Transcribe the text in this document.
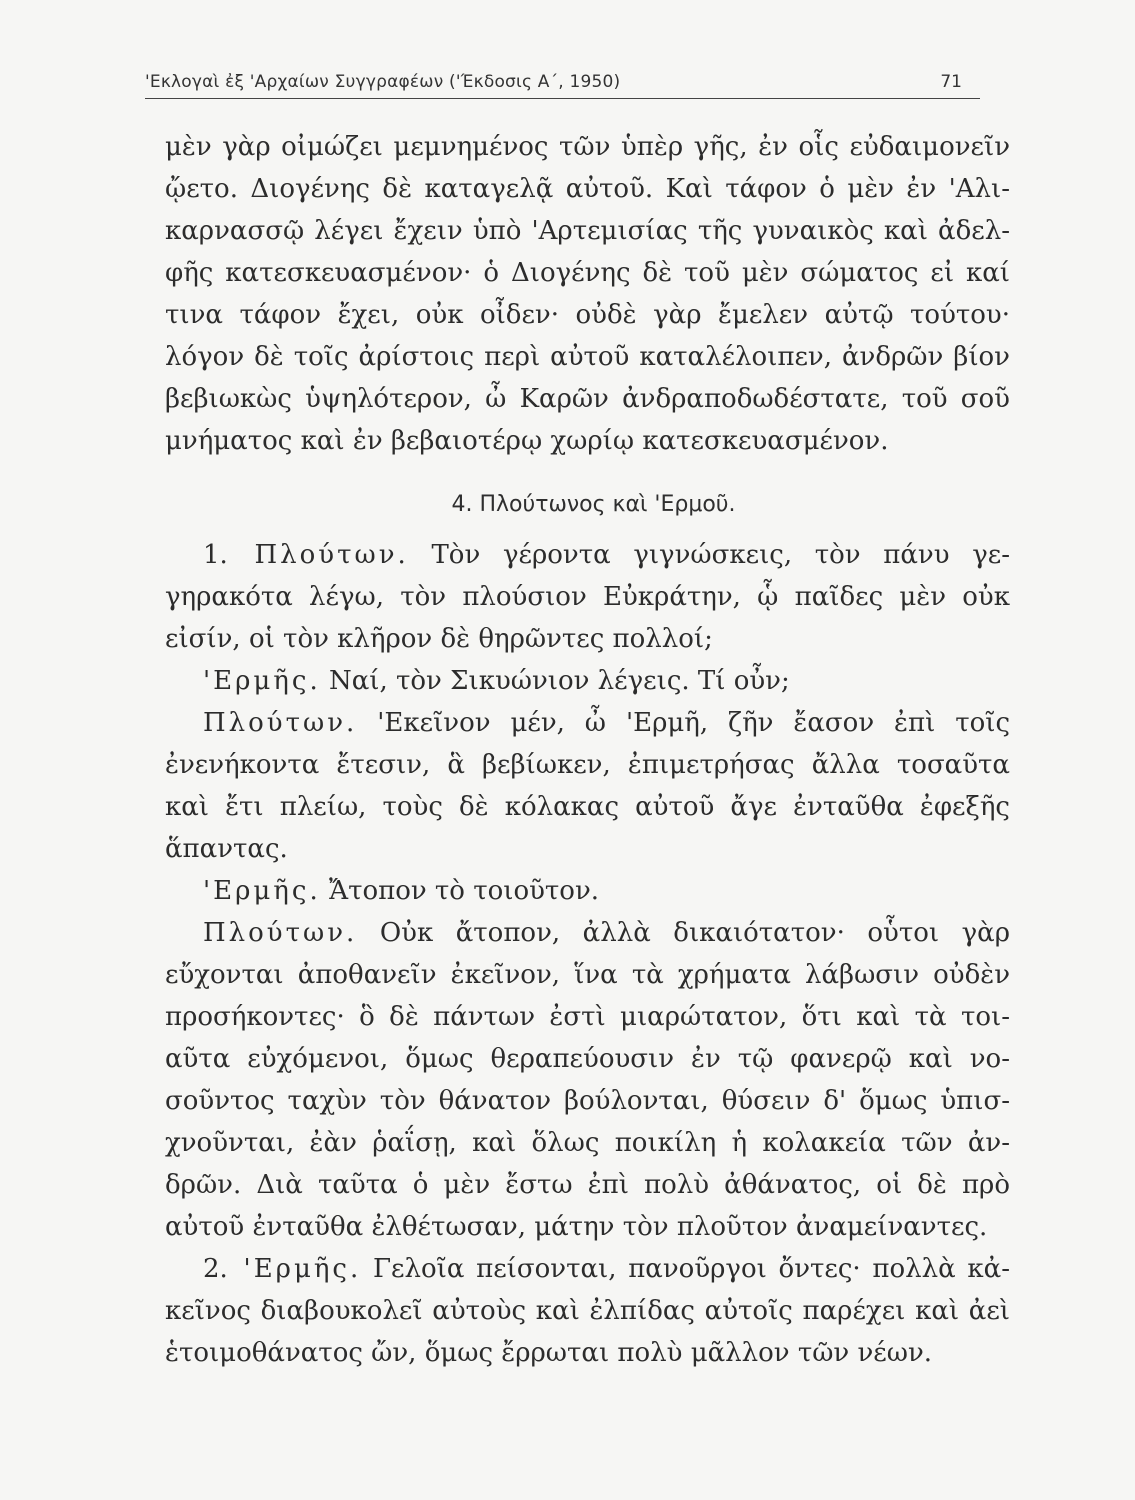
'Εκλογαὶ ἐξ 'Αρχαίων Συγγραφέων ('Έκδοσις Α΄, 1950)	71
μὲν γὰρ οἰμώζει μεμνημένος τῶν ὑπὲρ γῆς, ἐν οἷς εὐδαιμονεῖν
ᾤετο. Διογένης δὲ καταγελᾷ αὐτοῦ. Καὶ τάφον ὁ μὲν ἐν 'Αλι-
καρνασσῷ λέγει ἔχειν ὑπὸ 'Αρτεμισίας τῆς γυναικὸς καὶ ἀδελ-
φῆς κατεσκευασμένον· ὁ Διογένης δὲ τοῦ μὲν σώματος εἰ καί
τινα τάφον ἔχει, οὐκ οἶδεν· οὐδὲ γὰρ ἔμελεν αὐτῷ τούτου·
λόγον δὲ τοῖς ἀρίστοις περὶ αὐτοῦ καταλέλοιπεν, ἀνδρῶν βίον
βεβιωκὼς ὑψηλότερον, ὦ Καρῶν ἀνδραποδωδέστατε, τοῦ σοῦ
μνήματος καὶ ἐν βεβαιοτέρῳ χωρίῳ κατεσκευασμένον.
4. Πλούτωνος καὶ 'Ερμοῦ.
1. Πλούτων. Τὸν γέροντα γιγνώσκεις, τὸν πάνυ γε-
γηρακότα λέγω, τὸν πλούσιον Εὐκράτην, ᾧ παῖδες μὲν οὐκ
εἰσίν, οἱ τὸν κλῆρον δὲ θηρῶντες πολλοί;
'Ερμῆς. Ναί, τὸν Σικυώνιον λέγεις. Τί οὖν;
Πλούτων. 'Εκεῖνον μέν, ὦ 'Ερμῆ, ζῆν ἔασον ἐπὶ τοῖς
ἐνενήκοντα ἔτεσιν, ἃ βεβίωκεν, ἐπιμετρήσας ἄλλα τοσαῦτα
καὶ ἔτι πλείω, τοὺς δὲ κόλακας αὐτοῦ ἄγε ἐνταῦθα ἐφεξῆς
ἅπαντας.
'Ερμῆς. Ἄτοπον τὸ τοιοῦτον.
Πλούτων. Οὐκ ἄτοπον, ἀλλὰ δικαιότατον· οὗτοι γὰρ
εὔχονται ἀποθανεῖν ἐκεῖνον, ἵνα τὰ χρήματα λάβωσιν οὐδὲν
προσήκοντες· ὃ δὲ πάντων ἐστὶ μιαρώτατον, ὅτι καὶ τὰ τοι-
αῦτα εὐχόμενοι, ὅμως θεραπεύουσιν ἐν τῷ φανερῷ καὶ νο-
σοῦντος ταχὺν τὸν θάνατον βούλονται, θύσειν δ' ὅμως ὑπισ-
χνοῦνται, ἐὰν ῥαΐσῃ, καὶ ὅλως ποικίλη ἡ κολακεία τῶν ἀν-
δρῶν. Διὰ ταῦτα ὁ μὲν ἔστω ἐπὶ πολὺ ἀθάνατος, οἱ δὲ πρὸ
αὐτοῦ ἐνταῦθα ἐλθέτωσαν, μάτην τὸν πλοῦτον ἀναμείναντες.
2. 'Ερμῆς. Γελοῖα πείσονται, πανοῦργοι ὄντες· πολλὰ κἀ-
κεῖνος διαβουκολεῖ αὐτοὺς καὶ ἐλπίδας αὐτοῖς παρέχει καὶ ἀεὶ
ἑτοιμοθάνατος ὤν, ὅμως ἔρρωται πολὺ μᾶλλον τῶν νέων.
